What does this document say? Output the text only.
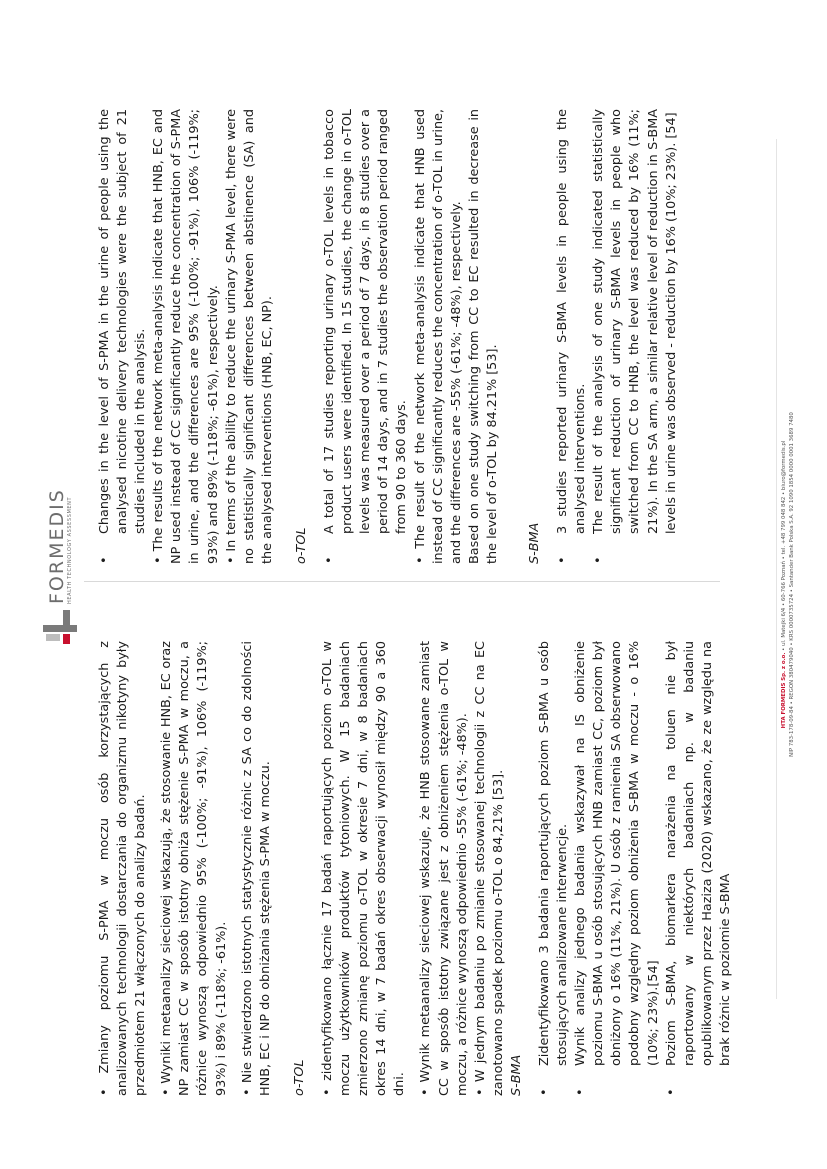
FORMEDIS HEALTH TECHNOLOGY ASSESSMENT

• Zmiany poziomu S-PMA w moczu osób korzystających z analizowanych technologii dostarczania do organizmu nikotyny były przedmiotem 21 włączonych do analizy badań. • Wyniki metaanalizy sieciowej wskazują, że stosowanie HNB, EC oraz NP zamiast CC w sposób istotny obniża stężenie S-PMA w moczu, a różnice wynoszą odpowiednio 95% (-100%; -91%), 106% (-119%; 93%) i 89% (-118%; -61%). • Nie stwierdzono istotnych statystycznie różnic z SA co do zdolności HNB, EC i NP do obniżania stężenia S-PMA w moczu. o-TOL • zidentyfikowano łącznie 17 badań raportujących poziom o-TOL w moczu użytkowników produktów tytoniowych. W 15 badaniach zmierzono zmianę poziomu o-TOL w okresie 7 dni, w 8 badaniach okres 14 dni, w 7 badań okres obserwacji wynosił między 90 a 360 dni. • Wynik metaanalizy sieciowej wskazuje, że HNB stosowane zamiast CC w sposób istotny związane jest z obniżeniem stężenia o-TOL w moczu, a różnice wynoszą odpowiednio -55% (-61%; -48%). • W jednym badaniu po zmianie stosowanej technologii z CC na EC zanotowano spadek poziomu o-TOL o 84,21% [53]. S-BMA •
Zidentyfikowano 3 badania raportujących poziom S-BMA u osób stosujących analizowane interwencje.
•
Wynik analizy jednego badania wskazywał na IS obniżenie poziomu S-BMA u osób stosujących HNB zamiast CC, poziom był obniżony o 16% (11%, 21%). U osób z ramienia SA obserwowano podobny względny poziom obniżenia S-BMA w moczu - o 16% (10%; 23%).[54]
•
Poziom S-BMA, biomarkera narażenia na toluen nie był raportowany w niektórych badaniach np. w badaniu opublikowanym przez Haziza (2020) wskazano, że ze względu na brak różnic w poziomie S-BMA
•
Changes in the level of S-PMA in the urine of people using the analysed nicotine delivery technologies were the subject of 21 studies included in the analysis. • The results of the network meta-analysis indicate that HNB, EC and NP used instead of CC significantly reduce the concentration of S-PMA in urine, and the differences are 95% (-100%; -91%), 106% (-119%; 93%) and 89% (-118%; -61%), respectively. • In terms of the ability to reduce the urinary S-PMA level, there were no statistically significant differences between abstinence (SA) and the analysed interventions (HNB, EC, NP). o-TOL •
A total of 17 studies reporting urinary o-TOL levels in tobacco product users were identified. In 15 studies, the change in o-TOL levels was measured over a period of 7 days, in 8 studies over a period of 14 days, and in 7 studies the observation period ranged from 90 to 360 days. • The result of the network meta-analysis indicate that HNB used instead of CC significantly reduces the concentration of o-TOL in urine, and the differences are -55% (-61%; -48%), respectively. Based on one study switching from CC to EC resulted in decrease in the level of o-TOL by 84.21% [53]. S-BMA •
3 studies reported urinary S-BMA levels in people using the analysed interventions.
•
The result of the analysis of one study indicated statistically significant reduction of urinary S-BMA levels in people who switched from CC to HNB, the level was reduced by 16% (11%; 21%). In the SA arm, a similar relative level of reduction in S-BMA levels in urine was observed - reduction by 16% (10%; 23%). [54]
HTA FORMEDIS Sp. z o.o. • ul. Matejki 6/4 • 60-766 Poznań • tel. +48 799 048 842 • biuro@formedis.pl NIP 783-178-09-84 • REGON 380479040 • KRS 0000735724 • Santander Bank Polska S.A. 92 1090 1854 0000 0001 3689 7480
